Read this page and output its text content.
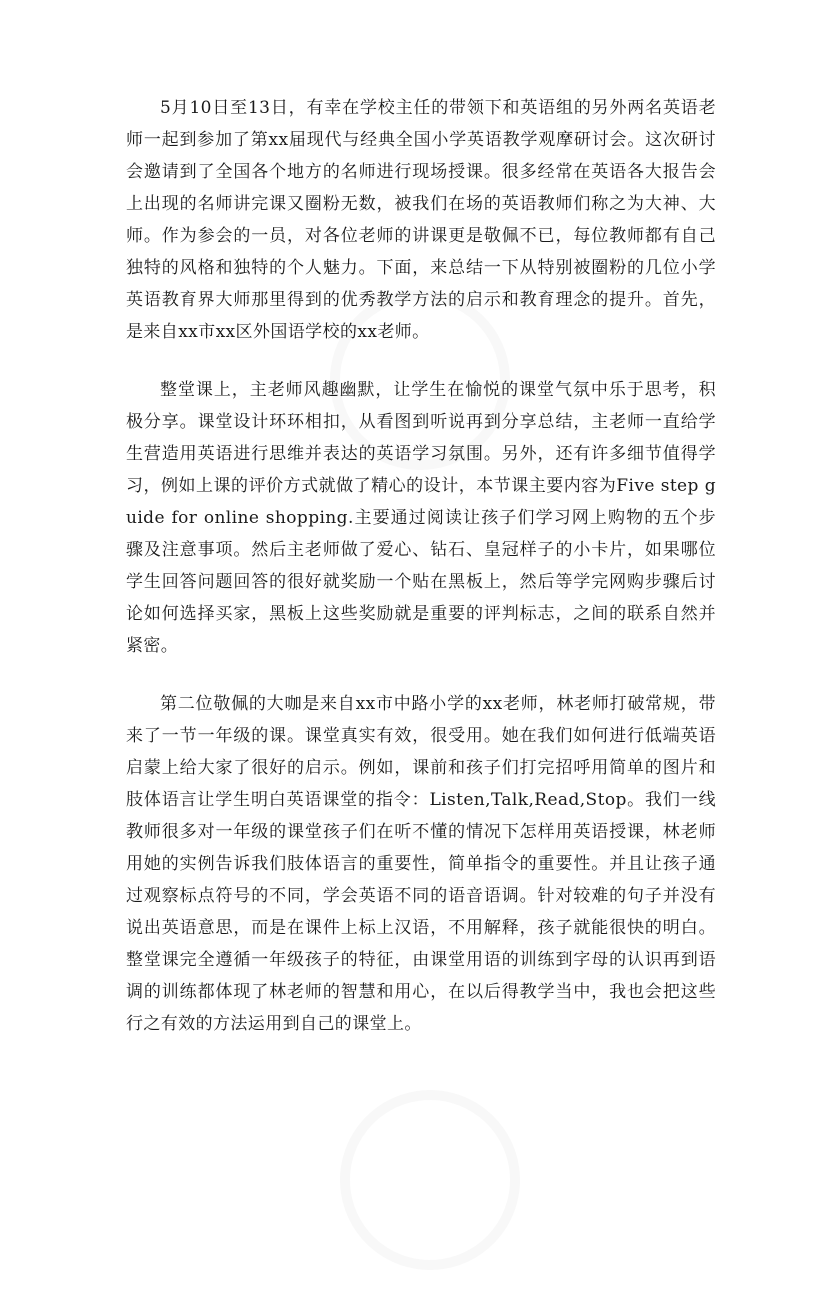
5月10日至13日，有幸在学校主任的带领下和英语组的另外两名英语老师一起到参加了第xx届现代与经典全国小学英语教学观摩研讨会。这次研讨会邀请到了全国各个地方的名师进行现场授课。很多经常在英语各大报告会上出现的名师讲完课又圈粉无数，被我们在场的英语教师们称之为大神、大师。作为参会的一员，对各位老师的讲课更是敬佩不已，每位教师都有自己独特的风格和独特的个人魅力。下面，来总结一下从特别被圈粉的几位小学英语教育界大师那里得到的优秀教学方法的启示和教育理念的提升。首先，是来自xx市xx区外国语学校的xx老师。

整堂课上，主老师风趣幽默，让学生在愉悦的课堂气氛中乐于思考，积极分享。课堂设计环环相扣，从看图到听说再到分享总结，主老师一直给学生营造用英语进行思维并表达的英语学习氛围。另外，还有许多细节值得学习，例如上课的评价方式就做了精心的设计，本节课主要内容为Five step guide for online shopping.主要通过阅读让孩子们学习网上购物的五个步骤及注意事项。然后主老师做了爱心、钻石、皇冠样子的小卡片，如果哪位学生回答问题回答的很好就奖励一个贴在黑板上，然后等学完网购步骤后讨论如何选择买家，黑板上这些奖励就是重要的评判标志，之间的联系自然并紧密。

第二位敬佩的大咖是来自xx市中路小学的xx老师，林老师打破常规，带来了一节一年级的课。课堂真实有效，很受用。她在我们如何进行低端英语启蒙上给大家了很好的启示。例如，课前和孩子们打完招呼用简单的图片和肢体语言让学生明白英语课堂的指令：Listen,Talk,Read,Stop。我们一线教师很多对一年级的课堂孩子们在听不懂的情况下怎样用英语授课，林老师用她的实例告诉我们肢体语言的重要性，简单指令的重要性。并且让孩子通过观察标点符号的不同，学会英语不同的语音语调。针对较难的句子并没有说出英语意思，而是在课件上标上汉语，不用解释，孩子就能很快的明白。整堂课完全遵循一年级孩子的特征，由课堂用语的训练到字母的认识再到语调的训练都体现了林老师的智慧和用心，在以后得教学当中，我也会把这些行之有效的方法运用到自己的课堂上。
